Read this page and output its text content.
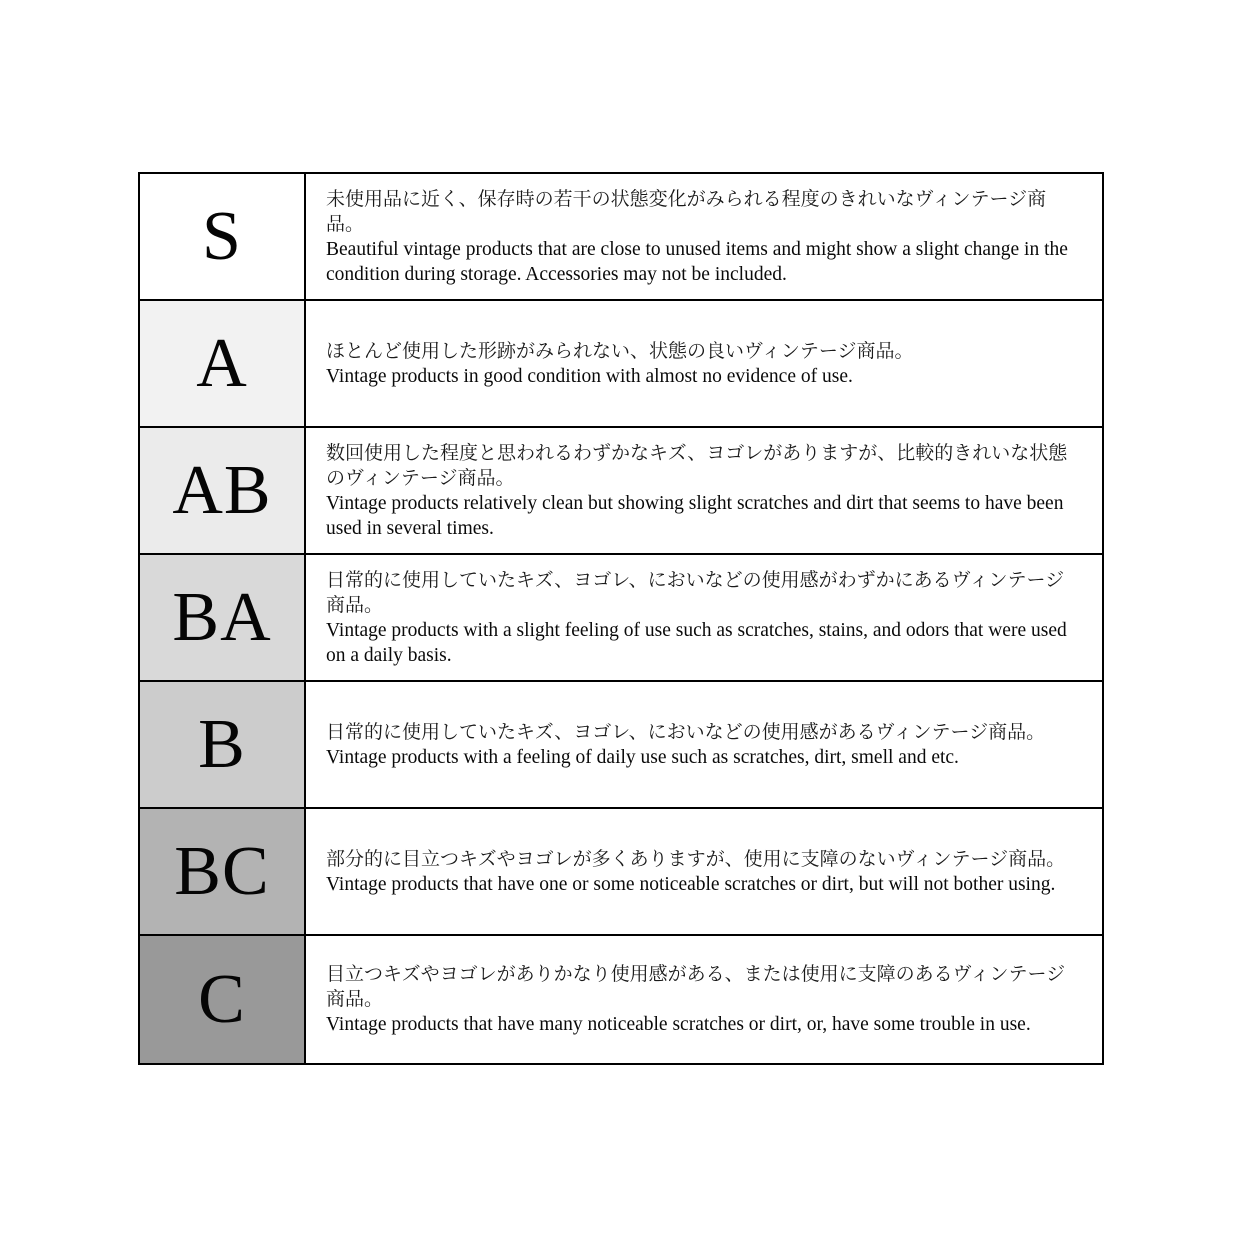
S	未使用品に近く、保存時の若干の状態変化がみられる程度のきれいなヴィンテージ商品。
Beautiful vintage products that are close to unused items and might show a slight change in the condition during storage. Accessories may not be included.
A	ほとんど使用した形跡がみられない、状態の良いヴィンテージ商品。
Vintage products in good condition with almost no evidence of use.
AB	数回使用した程度と思われるわずかなキズ、ヨゴレがありますが、比較的きれいな状態のヴィンテージ商品。
Vintage products relatively clean but showing slight scratches and dirt that seems to have been used in several times.
BA	日常的に使用していたキズ、ヨゴレ、においなどの使用感がわずかにあるヴィンテージ商品。
Vintage products with a slight feeling of use such as scratches, stains, and odors that were used on a daily basis.
B	日常的に使用していたキズ、ヨゴレ、においなどの使用感があるヴィンテージ商品。
Vintage products with a feeling of daily use such as scratches, dirt, smell and etc.
BC	部分的に目立つキズやヨゴレが多くありますが、使用に支障のないヴィンテージ商品。
Vintage products that have one or some noticeable scratches or dirt, but will not bother using.
C	目立つキズやヨゴレがありかなり使用感がある、または使用に支障のあるヴィンテージ商品。
Vintage products that have many noticeable scratches or dirt, or, have some trouble in use.
